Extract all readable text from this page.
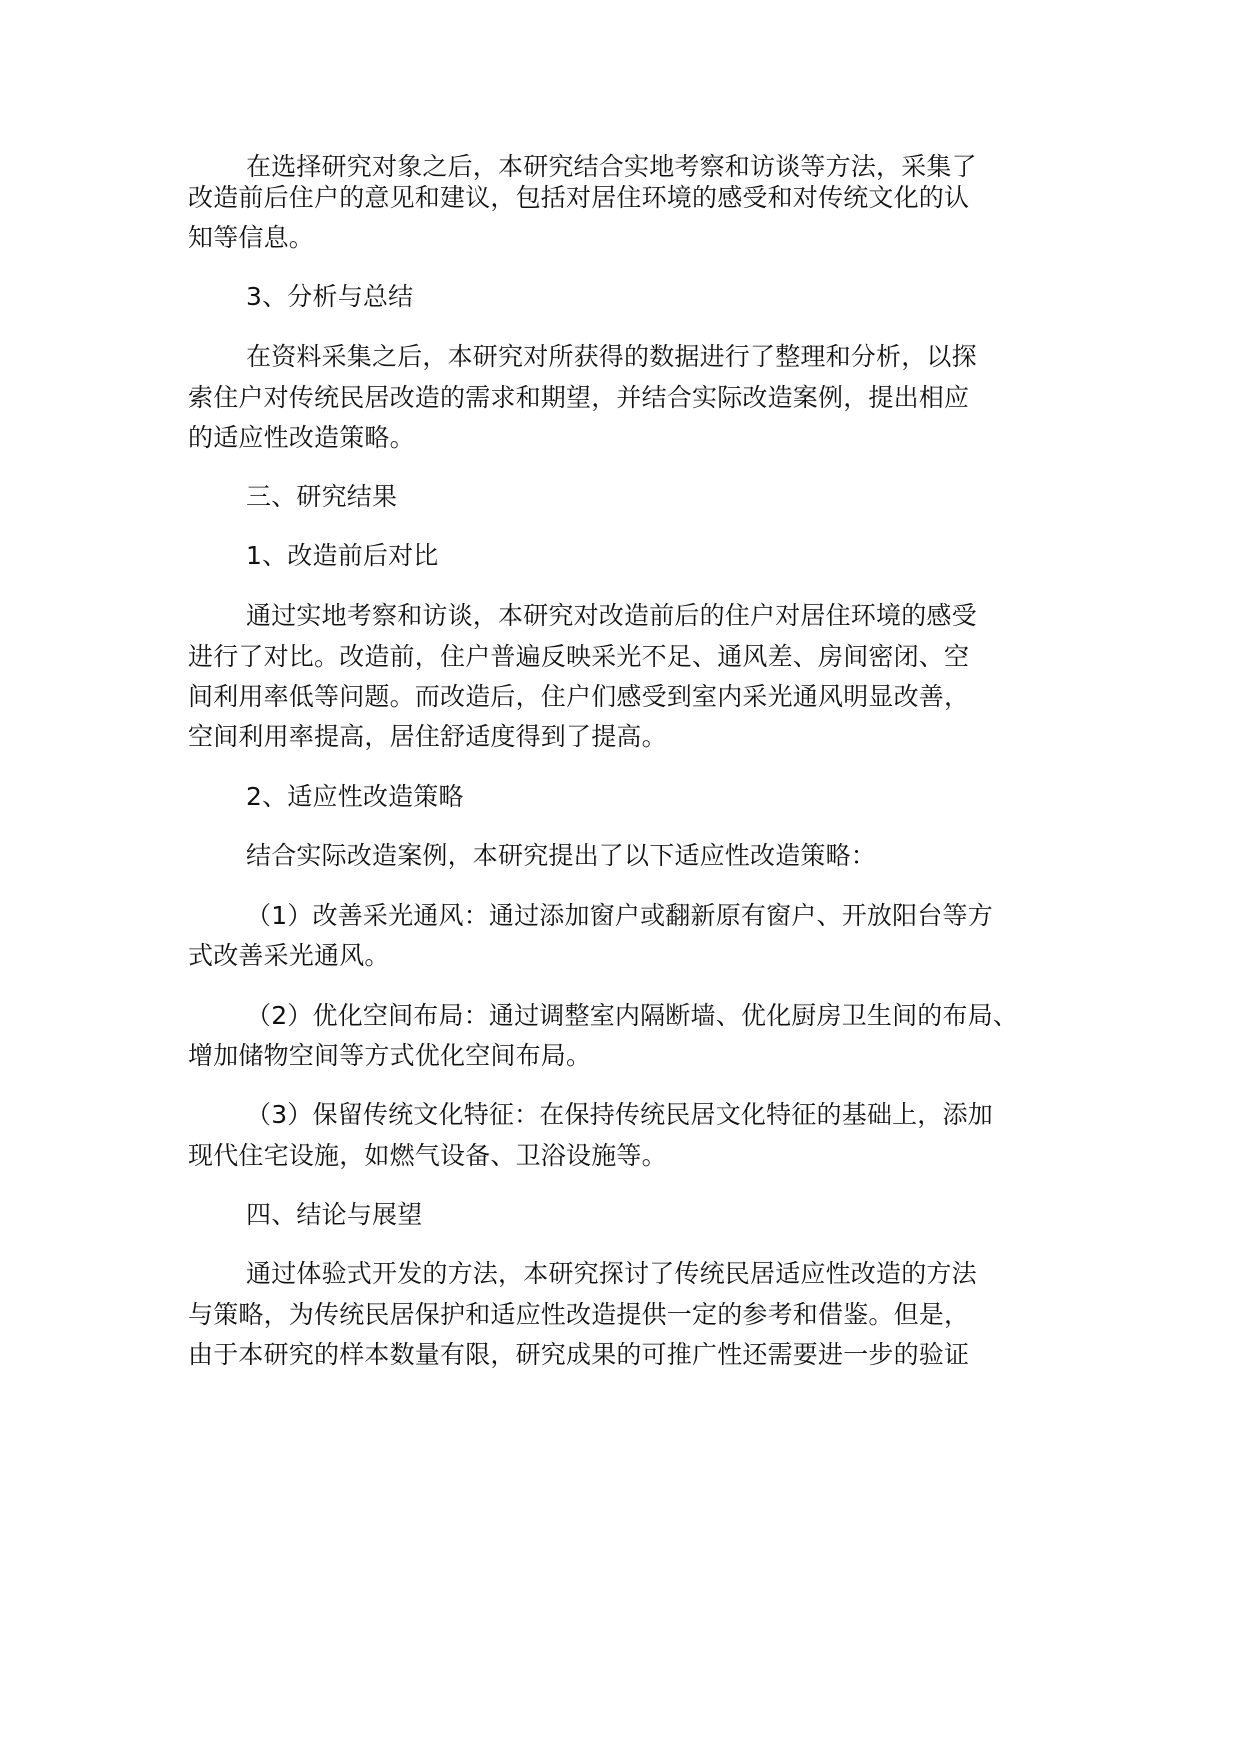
在选择研究对象之后，本研究结合实地考察和访谈等方法，采集了
改造前后住户的意见和建议，包括对居住环境的感受和对传统文化的认
知等信息。
3、分析与总结
在资料采集之后，本研究对所获得的数据进行了整理和分析，以探
索住户对传统民居改造的需求和期望，并结合实际改造案例，提出相应
的适应性改造策略。
三、研究结果
1、改造前后对比
通过实地考察和访谈，本研究对改造前后的住户对居住环境的感受
进行了对比。改造前，住户普遍反映采光不足、通风差、房间密闭、空
间利用率低等问题。而改造后，住户们感受到室内采光通风明显改善，
空间利用率提高，居住舒适度得到了提高。
2、适应性改造策略
结合实际改造案例，本研究提出了以下适应性改造策略：
（1）改善采光通风：通过添加窗户或翻新原有窗户、开放阳台等方
式改善采光通风。
（2）优化空间布局：通过调整室内隔断墙、优化厨房卫生间的布局、
增加储物空间等方式优化空间布局。
（3）保留传统文化特征：在保持传统民居文化特征的基础上，添加
现代住宅设施，如燃气设备、卫浴设施等。
四、结论与展望
通过体验式开发的方法，本研究探讨了传统民居适应性改造的方法
与策略，为传统民居保护和适应性改造提供一定的参考和借鉴。但是，
由于本研究的样本数量有限，研究成果的可推广性还需要进一步的验证
